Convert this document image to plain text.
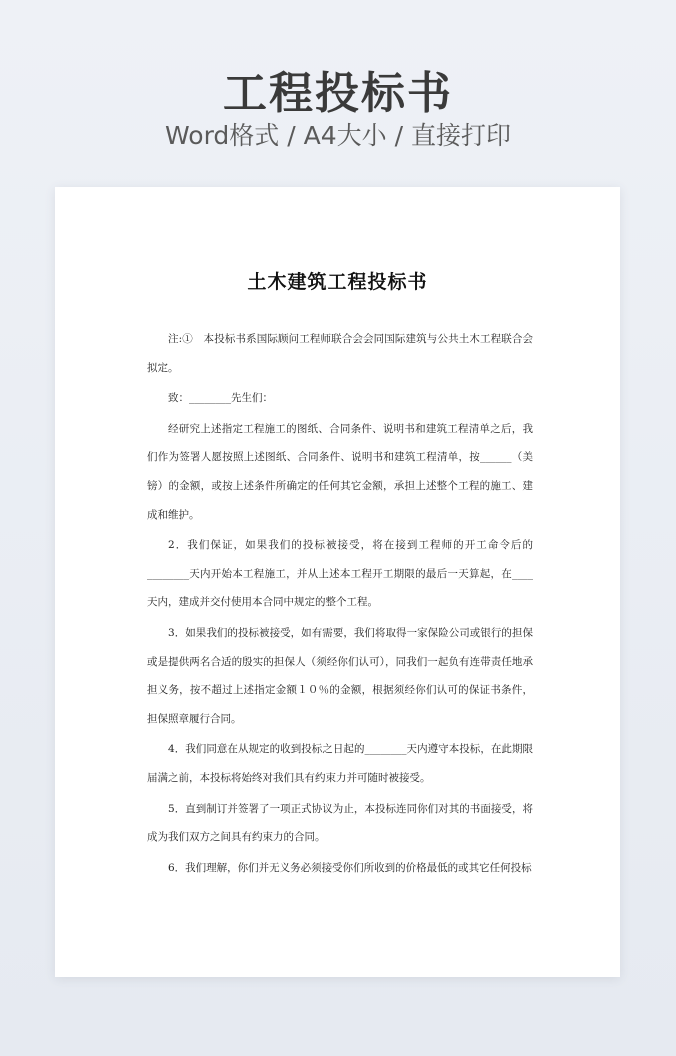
工程投标书
Word格式 / A4大小 / 直接打印
土木建筑工程投标书

注:①　本投标书系国际顾问工程师联合会会同国际建筑与公共土木工程联合会拟定。

致：________先生们：

经研究上述指定工程施工的图纸、合同条件、说明书和建筑工程清单之后，我们作为签署人愿按照上述图纸、合同条件、说明书和建筑工程清单，按______（美镑）的金额，或按上述条件所确定的任何其它金额，承担上述整个工程的施工、建成和维护。

2．我们保证，如果我们的投标被接受，将在接到工程师的开工命令后的________天内开始本工程施工，并从上述本工程开工期限的最后一天算起，在____天内，建成并交付使用本合同中规定的整个工程。

3．如果我们的投标被接受，如有需要，我们将取得一家保险公司或银行的担保或是提供两名合适的殷实的担保人（须经你们认可），同我们一起负有连带责任地承担义务，按不超过上述指定金额１０％的金额，根据须经你们认可的保证书条件，担保照章履行合同。

4．我们同意在从规定的收到投标之日起的________天内遵守本投标，在此期限届满之前，本投标将始终对我们具有约束力并可随时被接受。

5．直到制订并签署了一项正式协议为止，本投标连同你们对其的书面接受，将成为我们双方之间具有约束力的合同。

6．我们理解，你们并无义务必须接受你们所收到的价格最低的或其它任何投标
